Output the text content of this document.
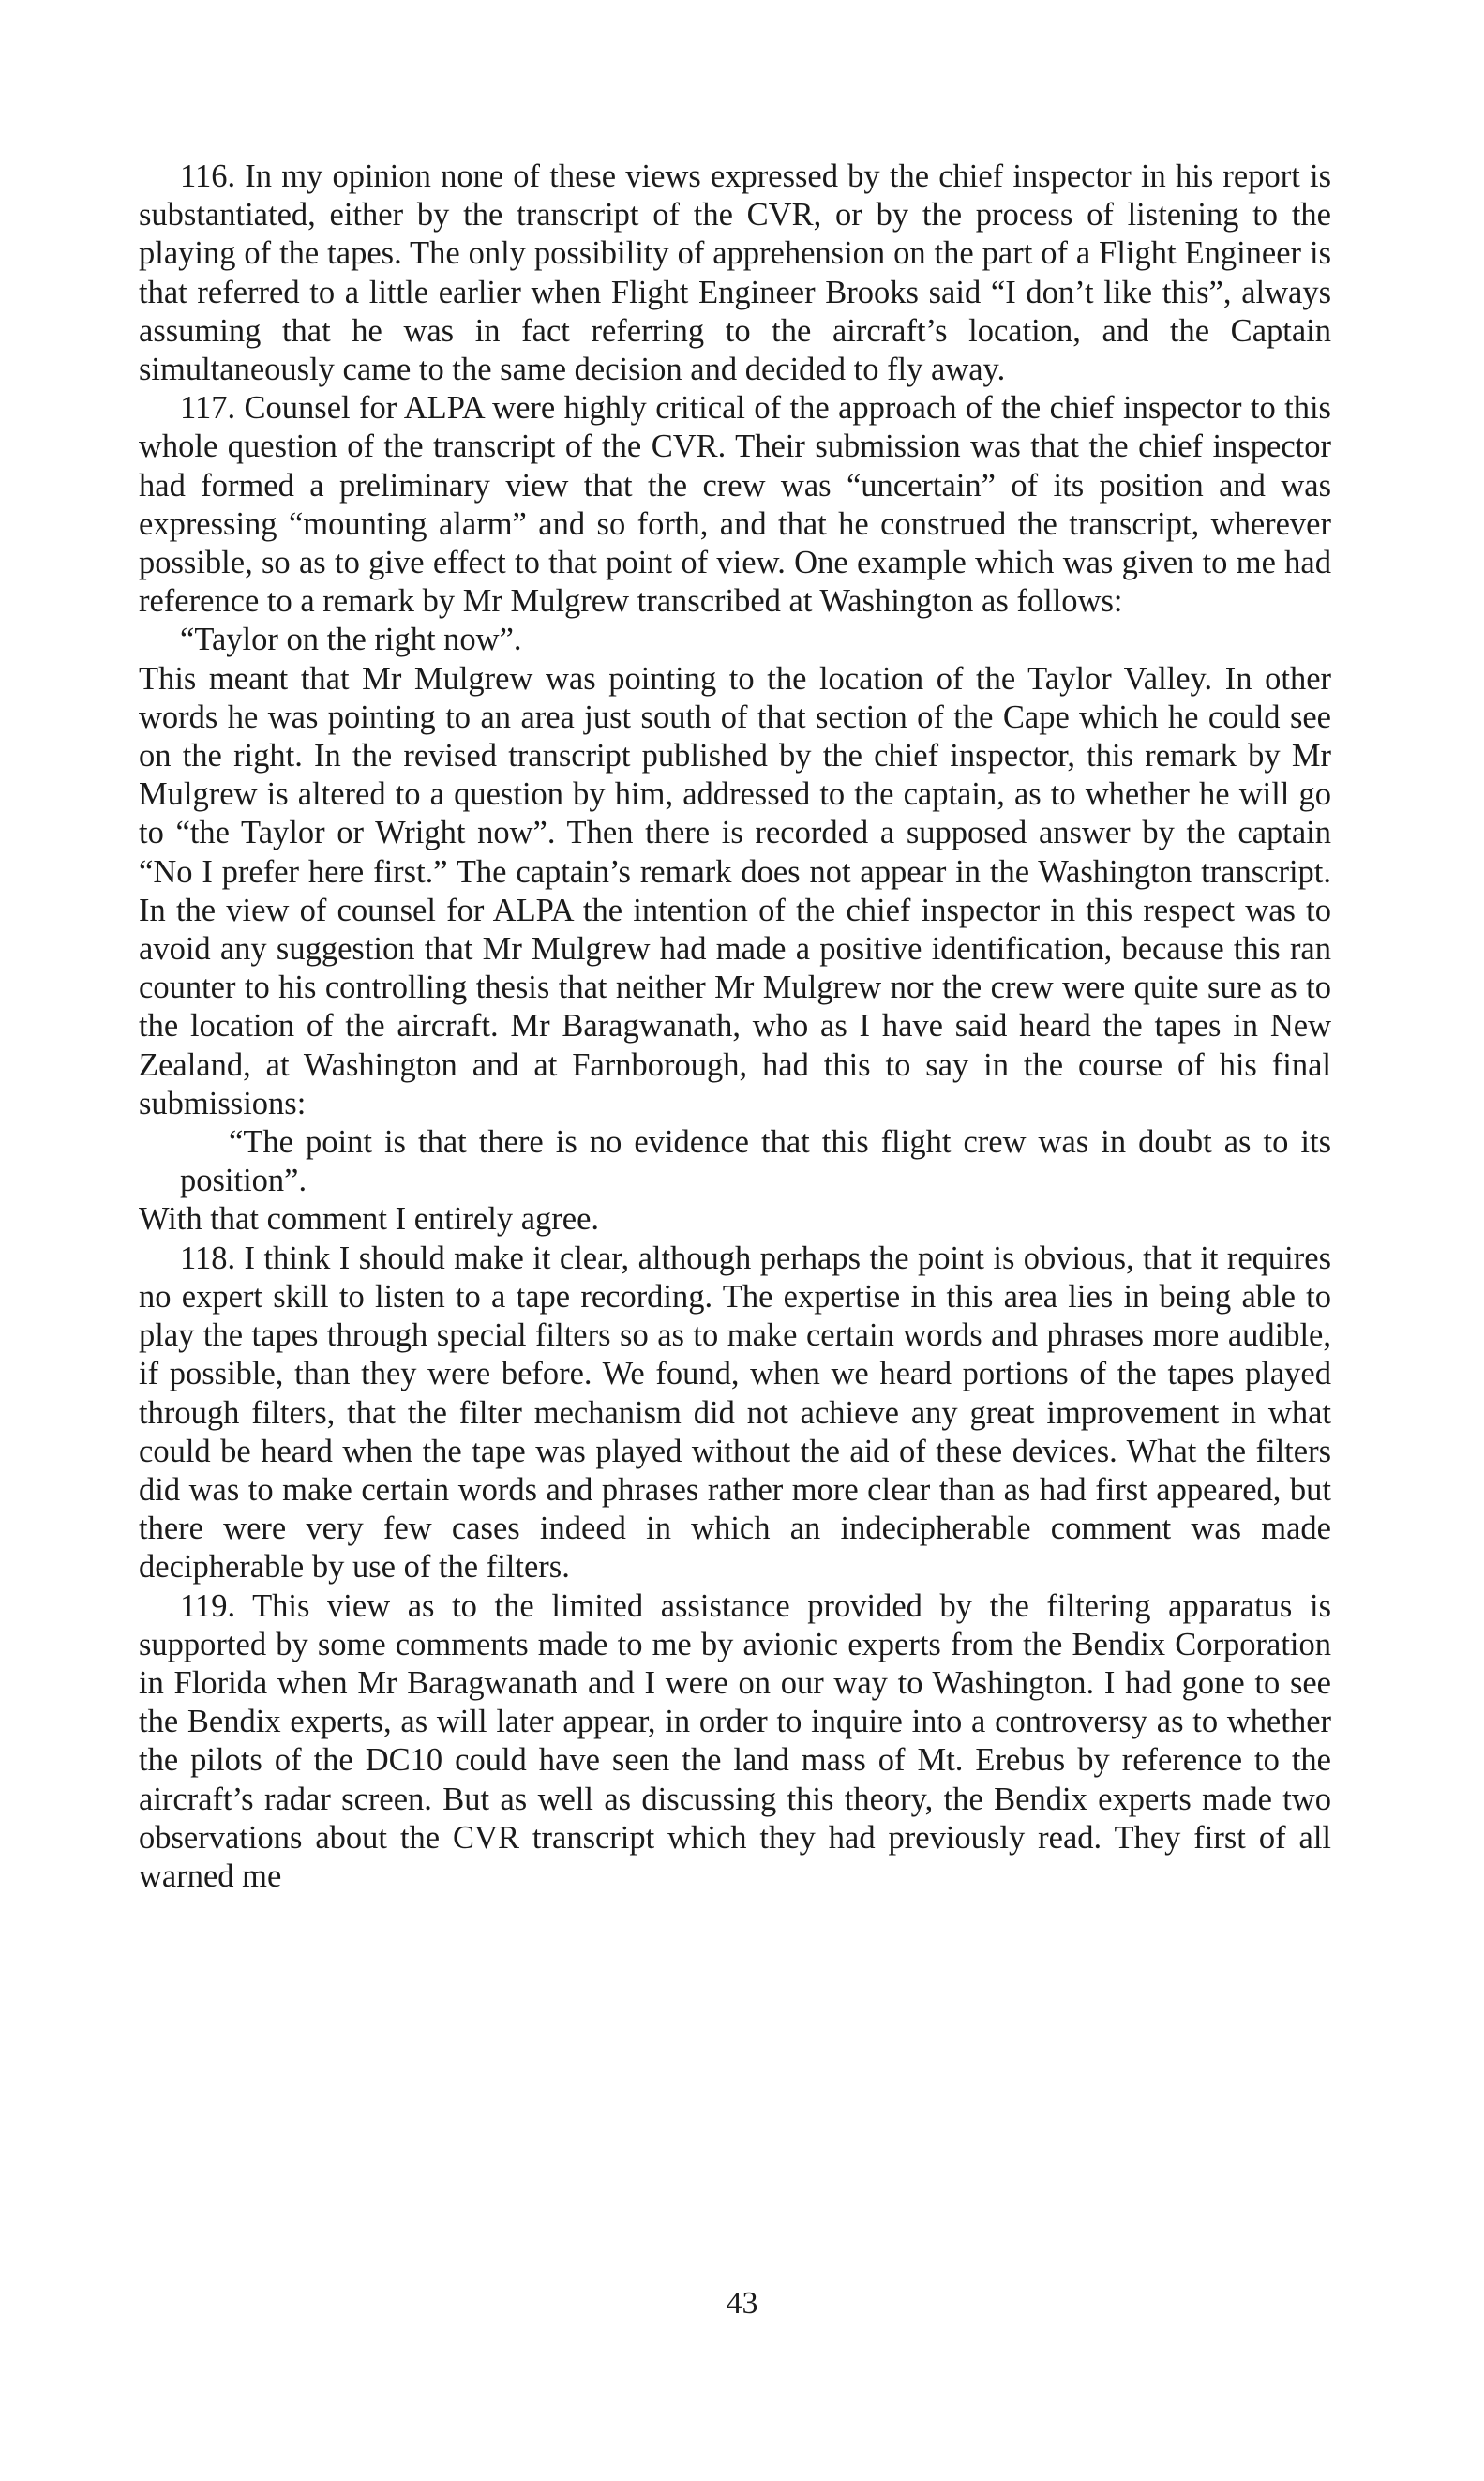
116. In my opinion none of these views expressed by the chief inspector in his report is substantiated, either by the transcript of the CVR, or by the process of listening to the playing of the tapes. The only possibility of apprehension on the part of a Flight Engineer is that referred to a little earlier when Flight Engineer Brooks said “I don’t like this”, always assuming that he was in fact referring to the aircraft’s location, and the Captain simultaneously came to the same decision and decided to fly away.

117. Counsel for ALPA were highly critical of the approach of the chief inspector to this whole question of the transcript of the CVR. Their submission was that the chief inspector had formed a preliminary view that the crew was “uncertain” of its position and was expressing “mounting alarm” and so forth, and that he construed the transcript, wherever possible, so as to give effect to that point of view. One example which was given to me had reference to a remark by Mr Mulgrew transcribed at Washington as follows:

“Taylor on the right now”.

This meant that Mr Mulgrew was pointing to the location of the Taylor Valley. In other words he was pointing to an area just south of that section of the Cape which he could see on the right. In the revised transcript published by the chief inspector, this remark by Mr Mulgrew is altered to a question by him, addressed to the captain, as to whether he will go to “the Taylor or Wright now”. Then there is recorded a supposed answer by the captain “No I prefer here first.” The captain’s remark does not appear in the Washington transcript. In the view of counsel for ALPA the intention of the chief inspector in this respect was to avoid any suggestion that Mr Mulgrew had made a positive identification, because this ran counter to his controlling thesis that neither Mr Mulgrew nor the crew were quite sure as to the location of the aircraft. Mr Baragwanath, who as I have said heard the tapes in New Zealand, at Washington and at Farnborough, had this to say in the course of his final submissions:

“The point is that there is no evidence that this flight crew was in doubt as to its position”.

With that comment I entirely agree.

118. I think I should make it clear, although perhaps the point is obvious, that it requires no expert skill to listen to a tape recording. The expertise in this area lies in being able to play the tapes through special filters so as to make certain words and phrases more audible, if possible, than they were before. We found, when we heard portions of the tapes played through filters, that the filter mechanism did not achieve any great improvement in what could be heard when the tape was played without the aid of these devices. What the filters did was to make certain words and phrases rather more clear than as had first appeared, but there were very few cases indeed in which an indecipherable comment was made decipherable by use of the filters.

119. This view as to the limited assistance provided by the filtering apparatus is supported by some comments made to me by avionic experts from the Bendix Corporation in Florida when Mr Baragwanath and I were on our way to Washington. I had gone to see the Bendix experts, as will later appear, in order to inquire into a controversy as to whether the pilots of the DC10 could have seen the land mass of Mt. Erebus by reference to the aircraft’s radar screen. But as well as discussing this theory, the Bendix experts made two observations about the CVR transcript which they had previously read. They first of all warned me

43
